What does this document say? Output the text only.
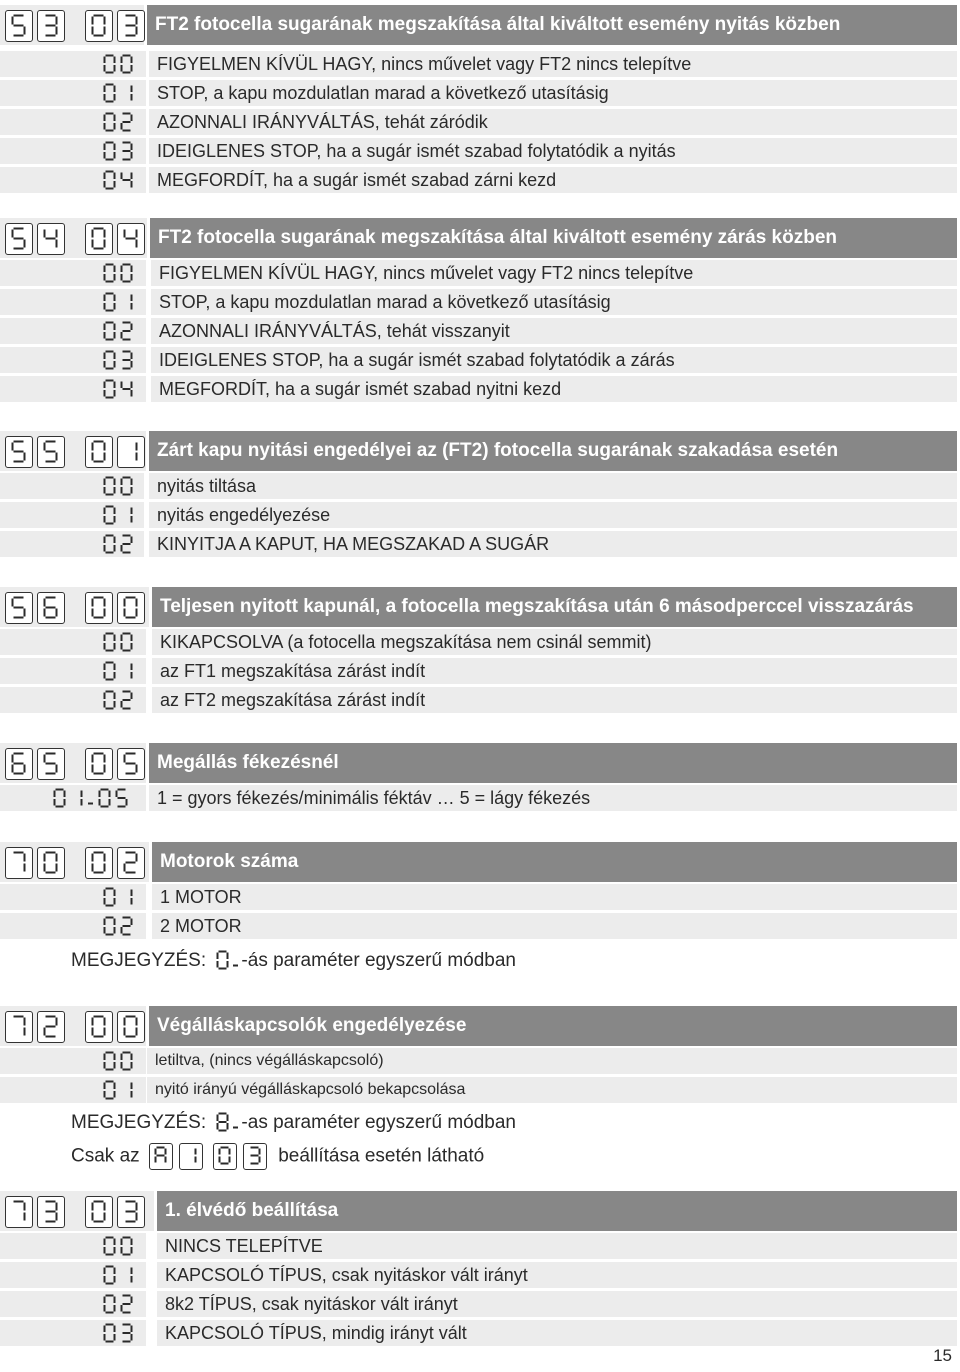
FT2 fotocella sugarának megszakítása által kiváltott esemény nyitás közben
FIGYELMEN KÍVÜL HAGY, nincs művelet vagy FT2 nincs telepítve
STOP, a kapu mozdulatlan marad a következő utasításig
AZONNALI IRÁNYVÁLTÁS, tehát záródik
IDEIGLENES STOP, ha a sugár ismét szabad folytatódik a nyitás
MEGFORDÍT, ha a sugár ismét szabad zárni kezd
FT2 fotocella sugarának megszakítása által kiváltott esemény zárás közben
FIGYELMEN KÍVÜL HAGY, nincs művelet vagy FT2 nincs telepítve
STOP, a kapu mozdulatlan marad a következő utasításig
AZONNALI IRÁNYVÁLTÁS, tehát visszanyit
IDEIGLENES STOP, ha a sugár ismét szabad folytatódik a zárás
MEGFORDÍT, ha a sugár ismét szabad nyitni kezd
Zárt kapu nyitási engedélyei az (FT2) fotocella sugarának szakadása esetén
nyitás tiltása
nyitás engedélyezése
KINYITJA A KAPUT, HA MEGSZAKAD A SUGÁR
Teljesen nyitott kapunál, a fotocella megszakítása után 6 másodperccel visszazárás
KIKAPCSOLVA (a fotocella megszakítása nem csinál semmit)
az FT1 megszakítása zárást indít
az FT2 megszakítása zárást indít
Megállás fékezésnél
1 = gyors fékezés/minimális féktáv … 5 = lágy fékezés
Motorok száma
1 MOTOR
2 MOTOR
MEGJEGYZÉS: -ás paraméter egyszerű módban
Végálláskapcsolók engedélyezése
letiltva, (nincs végálláskapcsoló)
nyitó irányú végálláskapcsoló bekapcsolása
MEGJEGYZÉS: -as paraméter egyszerű módban
Csak az	beállítása esetén látható
1. élvédő beállítása
NINCS TELEPÍTVE
KAPCSOLÓ TÍPUS, csak nyitáskor vált irányt
8k2 TÍPUS, csak nyitáskor vált irányt
KAPCSOLÓ TÍPUS, mindig irányt vált
15
